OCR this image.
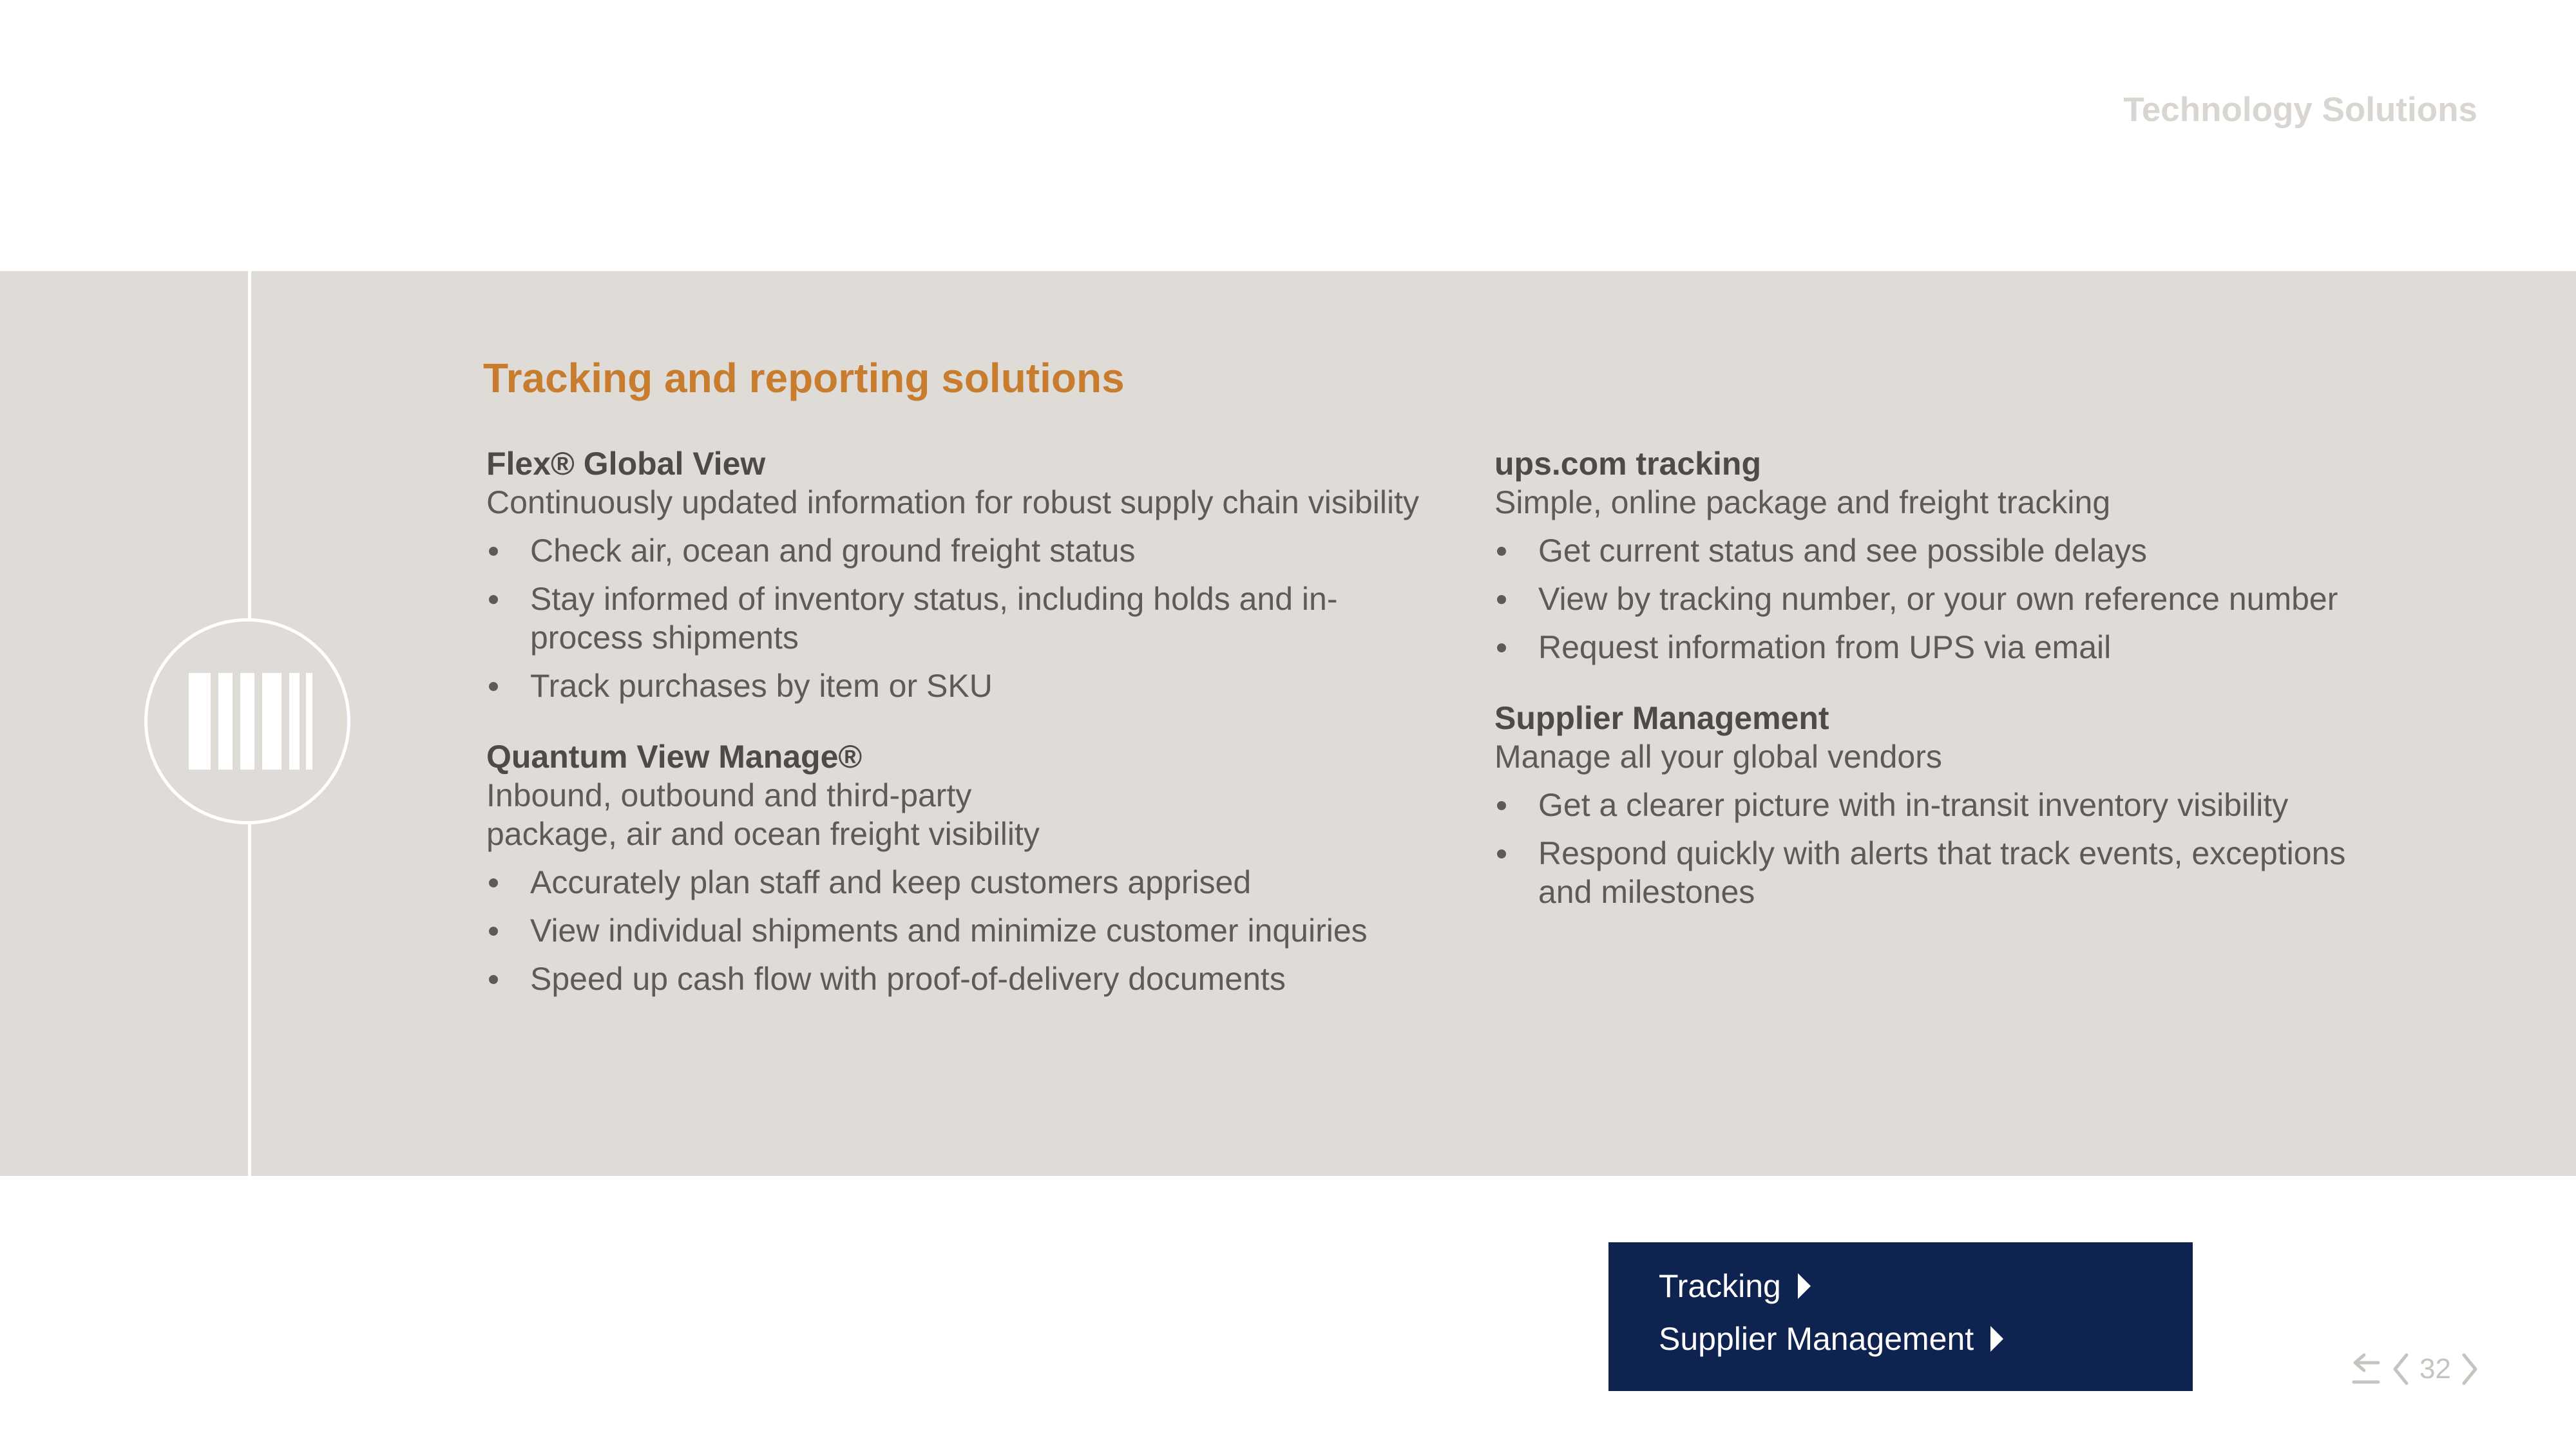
Technology Solutions
Tracking and reporting solutions
Flex® Global View
Continuously updated information for robust supply chain visibility
Check air, ocean and ground freight status
Stay informed of inventory status, including holds and in-process shipments
Track purchases by item or SKU
Quantum View Manage®
Inbound, outbound and third-party package, air and ocean freight visibility
Accurately plan staff and keep customers apprised
View individual shipments and minimize customer inquiries
Speed up cash flow with proof-of-delivery documents
ups.com tracking
Simple, online package and freight tracking
Get current status and see possible delays
View by tracking number, or your own reference number
Request information from UPS via email
Supplier Management
Manage all your global vendors
Get a clearer picture with in-transit inventory visibility
Respond quickly with alerts that track events, exceptions and milestones
Tracking
Supplier Management
32
